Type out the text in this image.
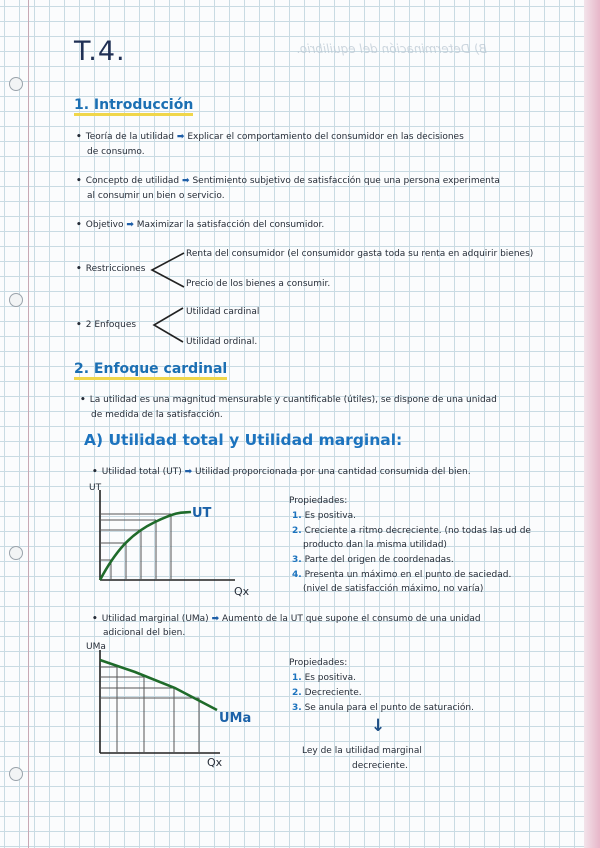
B) Determinación del equilibrio.
T.4.
1. Introducción
• Teoría de la utilidad ➡ Explicar el comportamiento del consumidor en las decisiones
de consumo.
• Concepto de utilidad ➡ Sentimiento subjetivo de satisfacción que una persona experimenta
al consumir un bien o servicio.
• Objetivo ➡ Maximizar la satisfacción del consumidor.
• Restricciones
Renta del consumidor (el consumidor gasta toda su renta en adquirir bienes)
Precio de los bienes a consumir.
• 2 Enfoques
Utilidad cardinal
Utilidad ordinal.
2. Enfoque cardinal
• La utilidad es una magnitud mensurable y cuantificable (útiles), se dispone de una unidad
de medida de la satisfacción.
A) Utilidad total y Utilidad marginal:
• Utilidad total (UT) ➡ Utilidad proporcionada por una cantidad consumida del bien.
UT
Qx
UT
Propiedades:
1. Es positiva.
2. Creciente a ritmo decreciente. (no todas las ud de
producto dan la misma utilidad)
3. Parte del origen de coordenadas.
4. Presenta un máximo en el punto de saciedad.
(nivel de satisfacción máximo, no varía)
• Utilidad marginal (UMa) ➡ Aumento de la UT que supone el consumo de una unidad
adicional del bien.
UMa
Qx
UMa
Propiedades:
1. Es positiva.
2. Decreciente.
3. Se anula para el punto de saturación.
↓
Ley de la utilidad marginal
decreciente.
